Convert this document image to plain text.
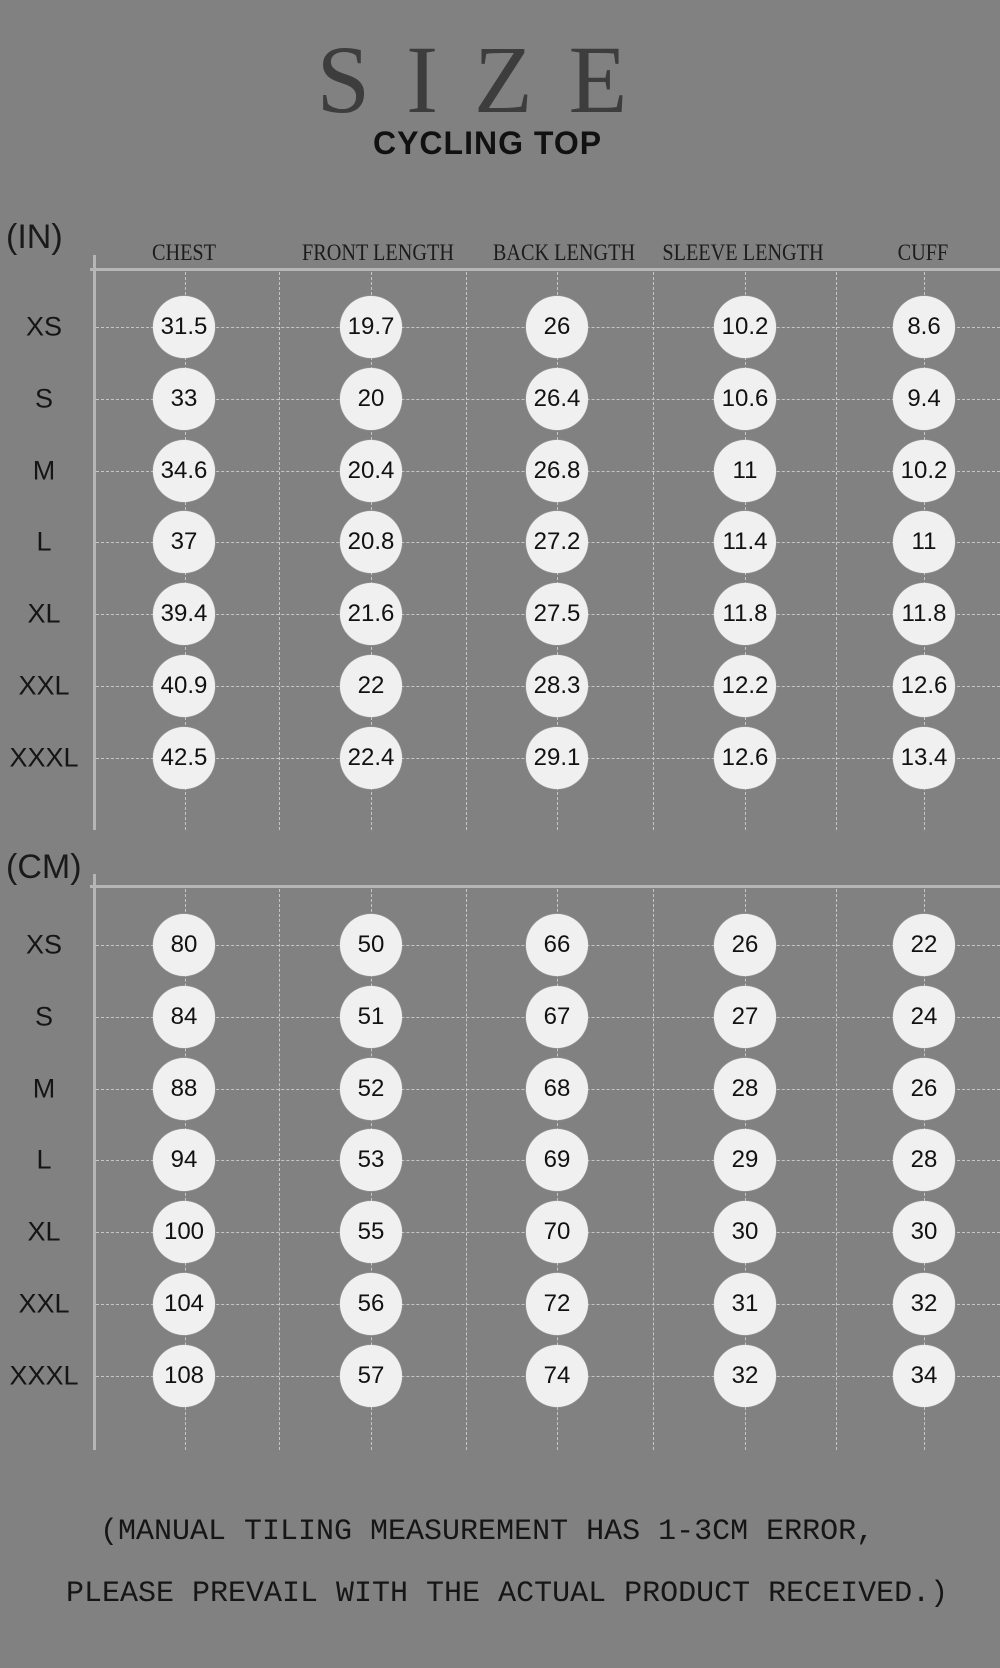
SIZE
CYCLING TOP
(IN)	CHEST	FRONT LENGTH	BACK LENGTH	SLEEVE LENGTH	CUFF
XS	31.5	19.7	26	10.2	8.6
S	33	20	26.4	10.6	9.4
M	34.6	20.4	26.8	11	10.2
L	37	20.8	27.2	11.4	11
XL	39.4	21.6	27.5	11.8	11.8
XXL	40.9	22	28.3	12.2	12.6
XXXL	42.5	22.4	29.1	12.6	13.4
(CM)
XS	80	50	66	26	22
S	84	51	67	27	24
M	88	52	68	28	26
L	94	53	69	29	28
XL	100	55	70	30	30
XXL	104	56	72	31	32
XXXL	108	57	74	32	34
(MANUAL TILING MEASUREMENT HAS 1-3CM ERROR,
PLEASE PREVAIL WITH THE ACTUAL PRODUCT RECEIVED.)
